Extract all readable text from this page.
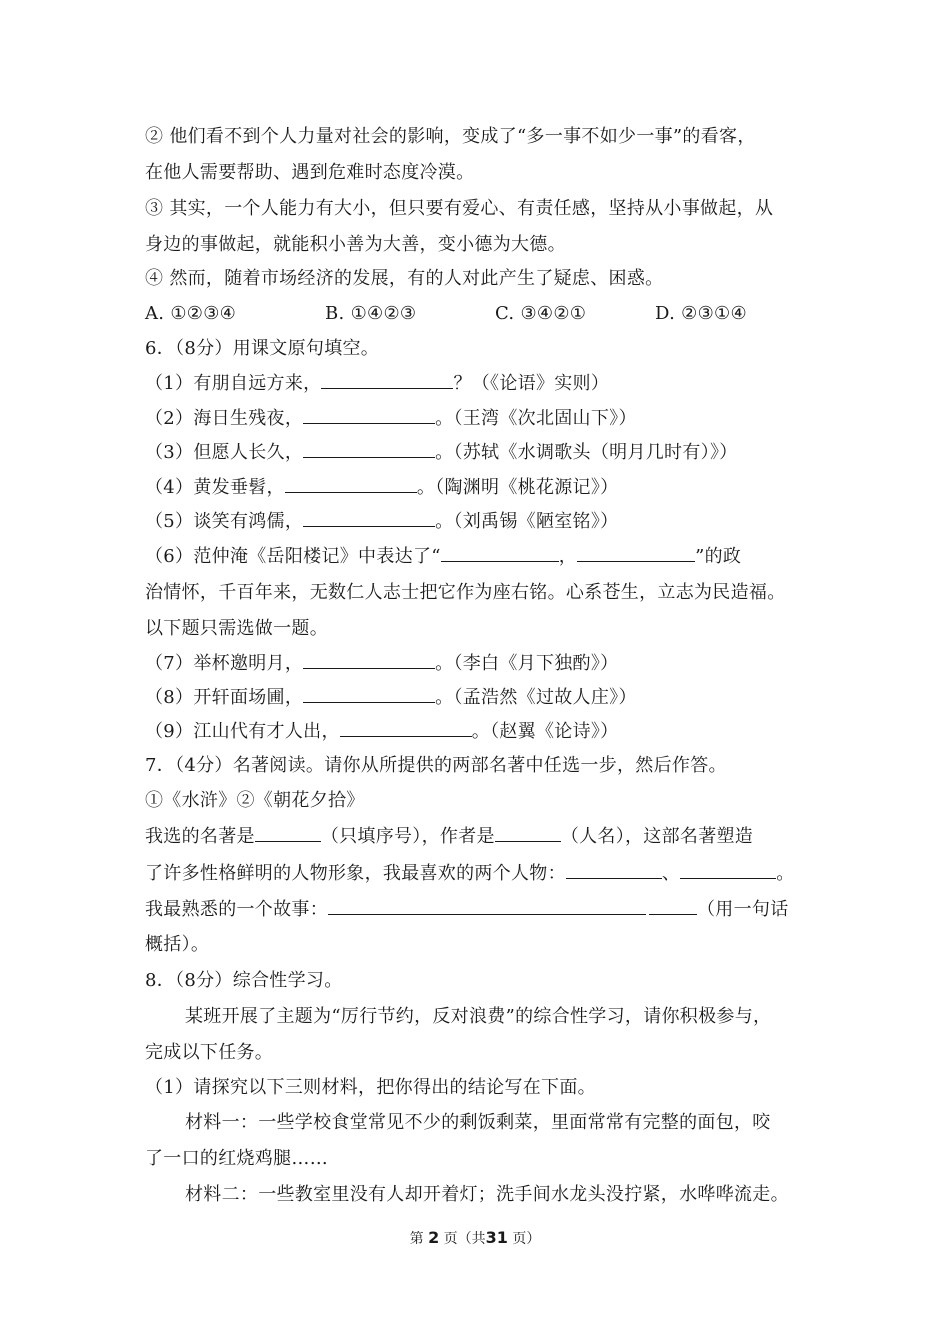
② 他们看不到个人力量对社会的影响，变成了“多一事不如少一事”的看客，
在他人需要帮助、遇到危难时态度冷漠。
③ 其实，一个人能力有大小，但只要有爱心、有责任感，坚持从小事做起，从
身边的事做起，就能积小善为大善，变小德为大德。
④ 然而，随着市场经济的发展，有的人对此产生了疑虑、困惑。
A. ①②③④	B. ①④②③	C. ③④②①	D. ②③①④
6．（8分）用课文原句填空。
（1）有朋自远方来，	？（《论语》实则）
（2）海日生残夜，	。（王湾《次北固山下》）
（3）但愿人长久，	。（苏轼《水调歌头（明月几时有）》）
（4）黄发垂髫，	。（陶渊明《桃花源记》）
（5）谈笑有鸿儒，	。（刘禹锡《陋室铭》）
（6）范仲淹《岳阳楼记》中表达了“	，	”的政
治情怀，千百年来，无数仁人志士把它作为座右铭。心系苍生，立志为民造福。
以下题只需选做一题。
（7）举杯邀明月，	。（李白《月下独酌》）
（8）开轩面场圃，	。（孟浩然《过故人庄》）
（9）江山代有才人出，	。（赵翼《论诗》）
7．（4分）名著阅读。请你从所提供的两部名著中任选一步，然后作答。
①《水浒》②《朝花夕拾》
我选的名著是	（只填序号），作者是	（人名），这部名著塑造
了许多性格鲜明的人物形象，我最喜欢的两个人物：	、	。
我最熟悉的一个故事：	（用一句话
概括）。
8．（8分）综合性学习。
某班开展了主题为“厉行节约，反对浪费”的综合性学习，请你积极参与，
完成以下任务。
（1）请探究以下三则材料，把你得出的结论写在下面。
材料一：一些学校食堂常见不少的剩饭剩菜，里面常常有完整的面包，咬
了一口的红烧鸡腿……
材料二：一些教室里没有人却开着灯；洗手间水龙头没拧紧，水哗哗流走。
第 2 页（共31 页）
